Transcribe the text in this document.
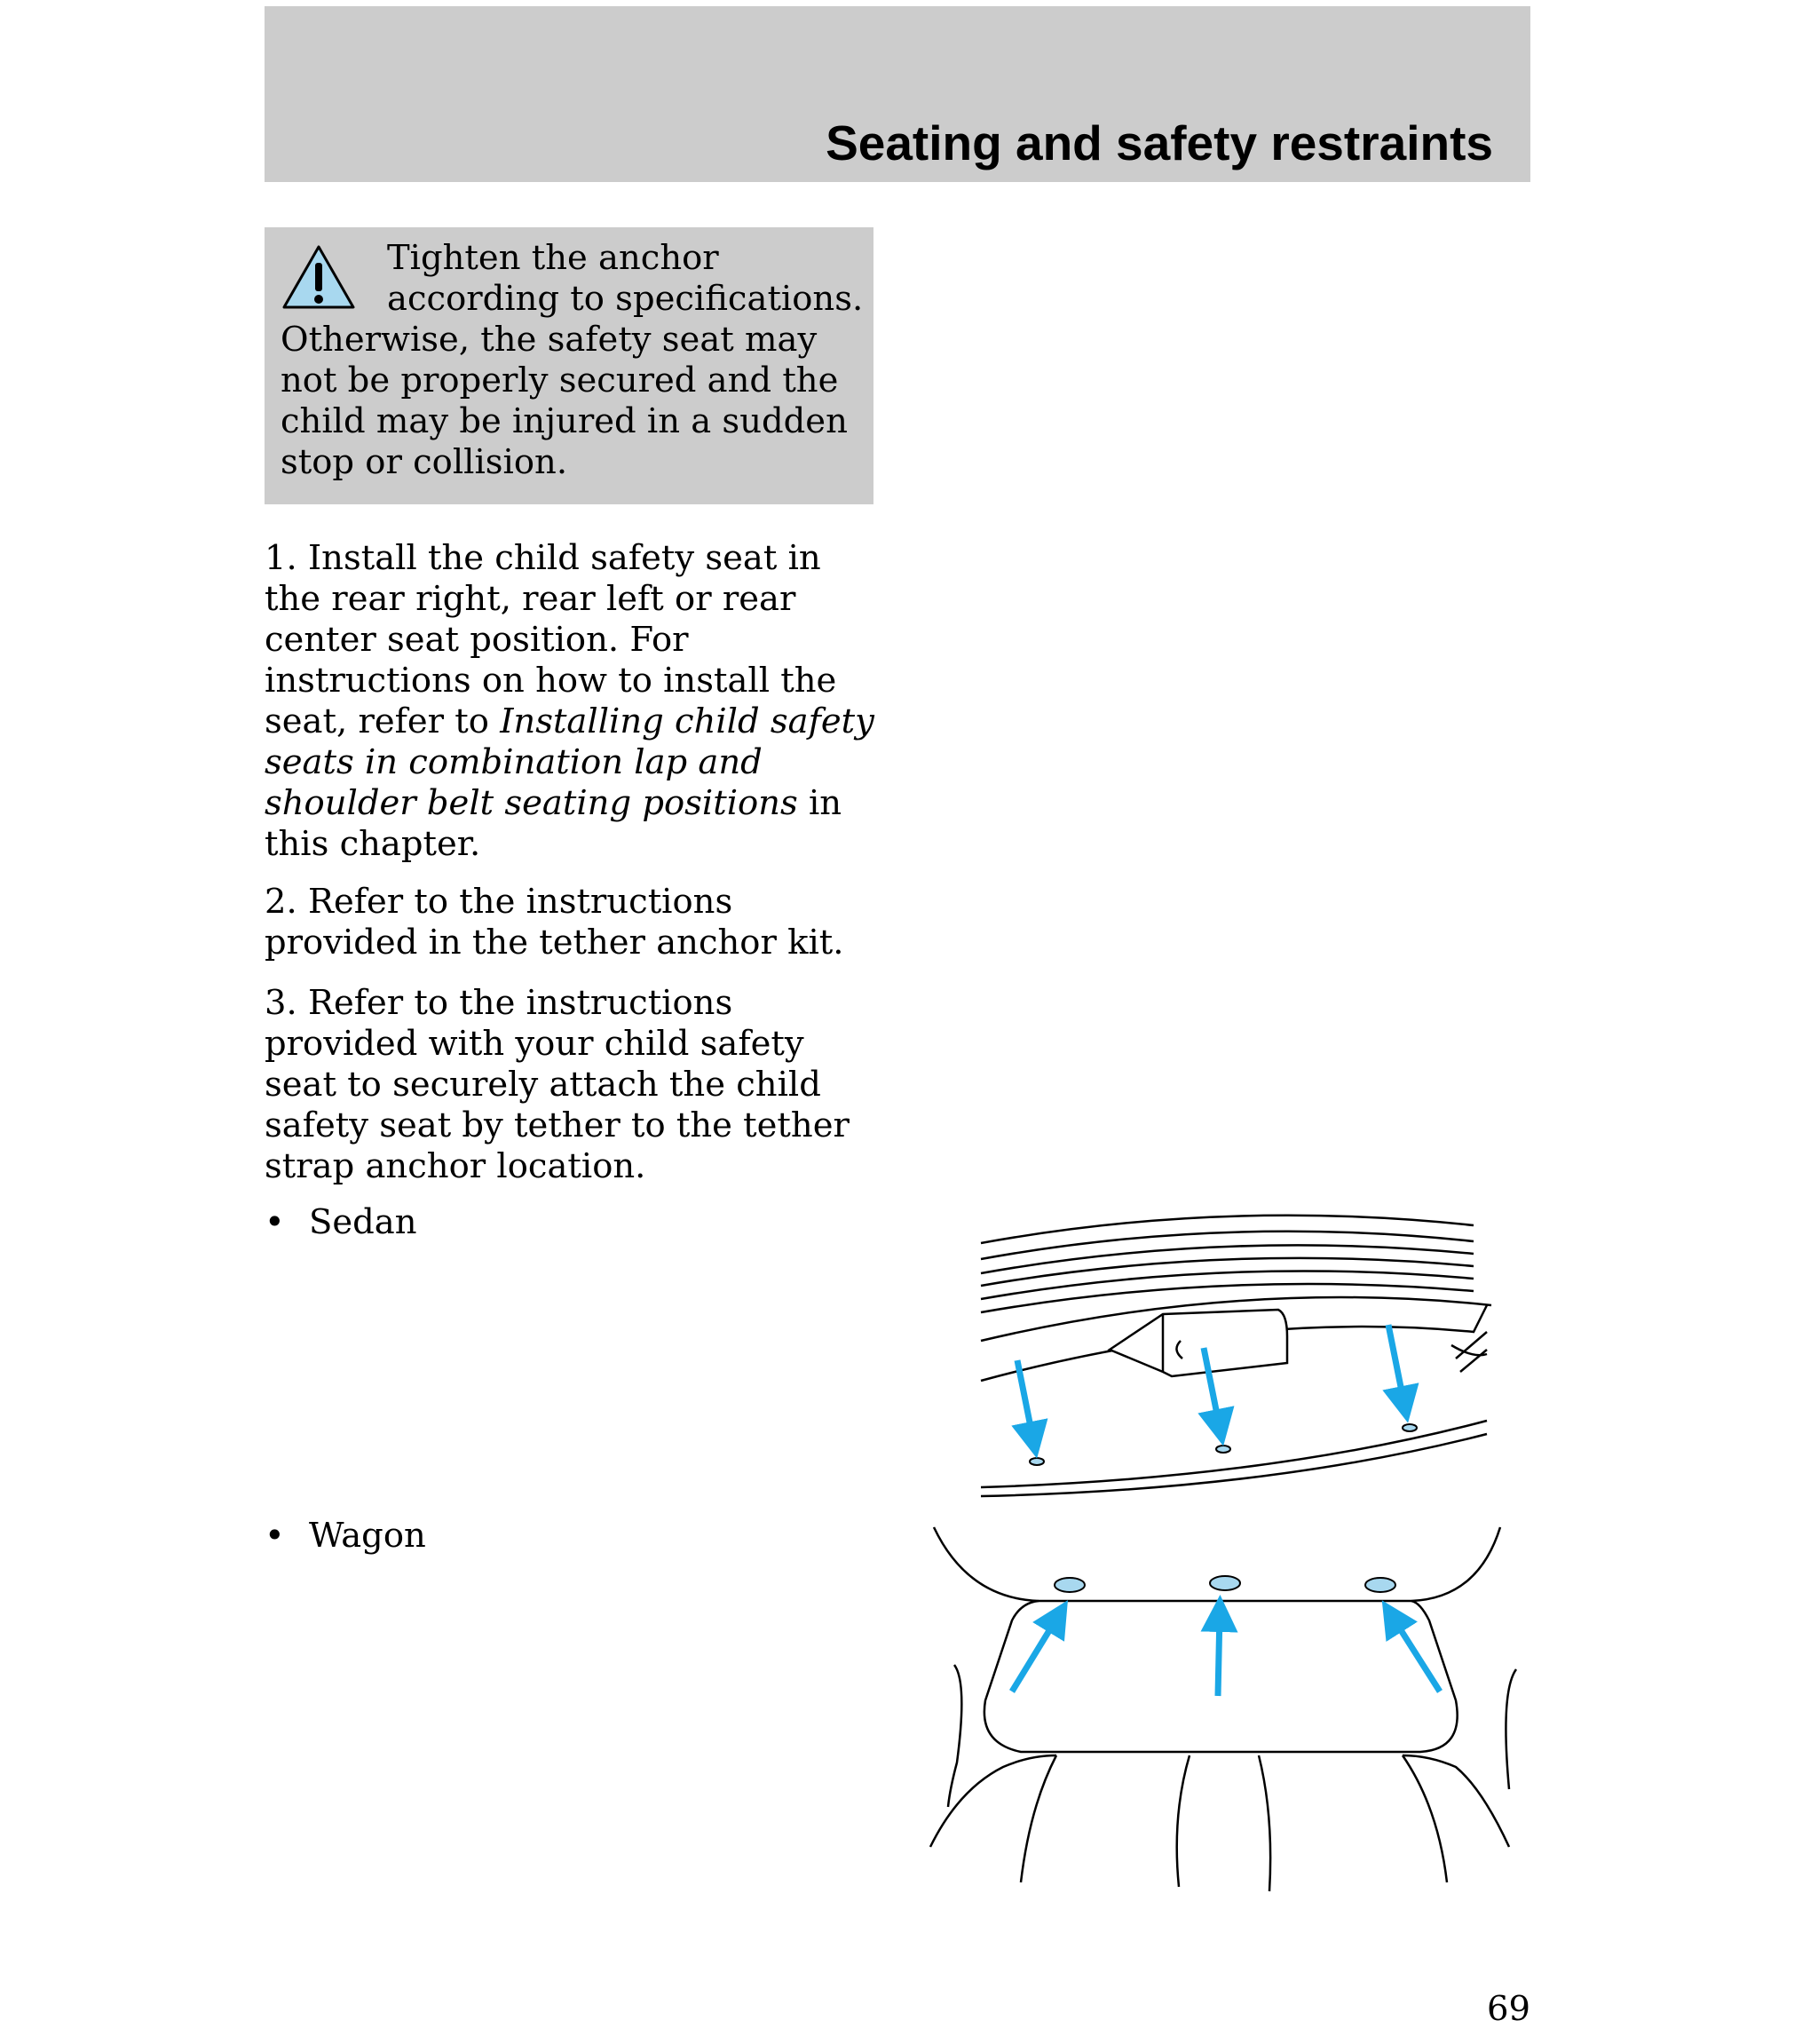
Seating and safety restraints
Tighten the anchor according to specifications. Otherwise, the safety seat may not be properly secured and the child may be injured in a sudden stop or collision.

1. Install the child safety seat in the rear right, rear left or rear center seat position. For instructions on how to install the seat, refer to Installing child safety seats in combination lap and shoulder belt seating positions in this chapter.

2. Refer to the instructions provided in the tether anchor kit.

3. Refer to the instructions provided with your child safety seat to securely attach the child safety seat by tether to the tether strap anchor location.

• Sedan
• Wagon
69
